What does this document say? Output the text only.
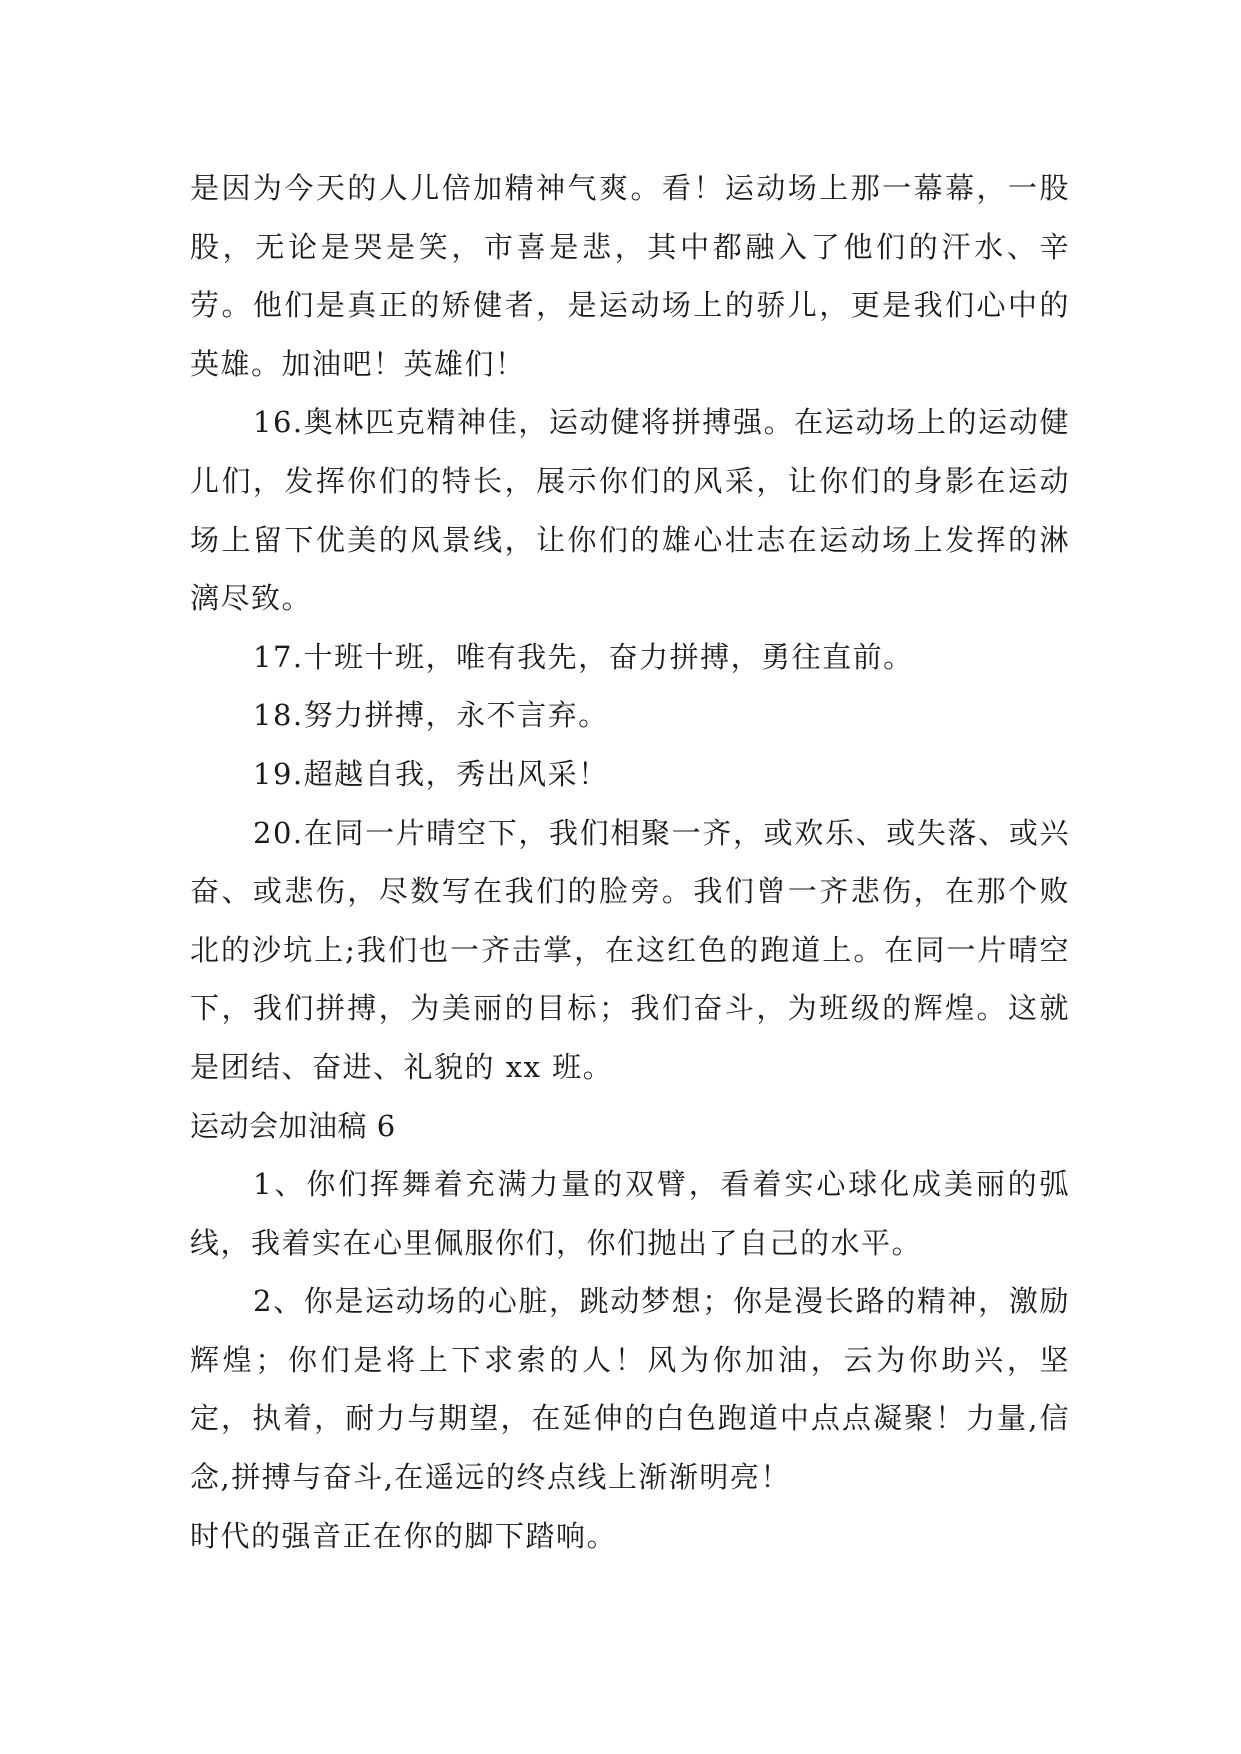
是因为今天的人儿倍加精神气爽。看！运动场上那一幕幕，一股股，无论是哭是笑，市喜是悲，其中都融入了他们的汗水、辛劳。他们是真正的矫健者，是运动场上的骄儿，更是我们心中的英雄。加油吧！英雄们！

16.奥林匹克精神佳，运动健将拼搏强。在运动场上的运动健儿们，发挥你们的特长，展示你们的风采，让你们的身影在运动场上留下优美的风景线，让你们的雄心壮志在运动场上发挥的淋漓尽致。

17.十班十班，唯有我先，奋力拼搏，勇往直前。

18.努力拼搏，永不言弃。

19.超越自我，秀出风采！

20.在同一片晴空下，我们相聚一齐，或欢乐、或失落、或兴奋、或悲伤，尽数写在我们的脸旁。我们曾一齐悲伤，在那个败北的沙坑上;我们也一齐击掌，在这红色的跑道上。在同一片晴空下，我们拼搏，为美丽的目标；我们奋斗，为班级的辉煌。这就是团结、奋进、礼貌的 xx 班。

运动会加油稿 6

1、你们挥舞着充满力量的双臂，看着实心球化成美丽的弧线，我着实在心里佩服你们，你们抛出了自己的水平。

2、你是运动场的心脏，跳动梦想；你是漫长路的精神，激励辉煌；你们是将上下求索的人！风为你加油，云为你助兴，坚定，执着，耐力与期望，在延伸的白色跑道中点点凝聚！力量,信念,拼搏与奋斗,在遥远的终点线上渐渐明亮！

时代的强音正在你的脚下踏响。
